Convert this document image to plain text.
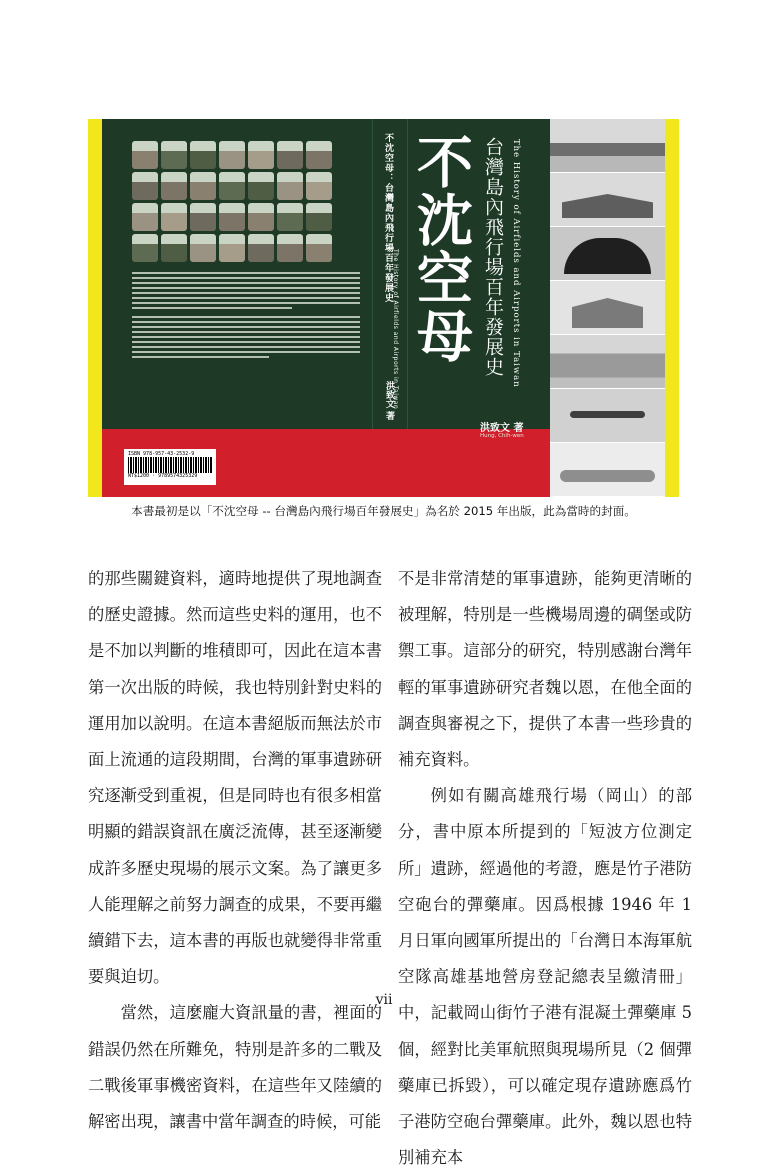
ISBN 978-957-43-2532-9
NT$1200 · 9789574325329
不沈空母：台灣島內飛行場百年發展史
The History of Airfields and Airports in Taiwan
洪致文 著
不沈空母 台灣島內飛行場百年發展史 The History of Airfields and Airports in Taiwan
洪致文 著
Hung, Chih-wen
本書最初是以「不沈空母 -- 台灣島內飛行場百年發展史」為名於 2015 年出版，此為當時的封面。

的那些關鍵資料，適時地提供了現地調查的歷史證據。然而這些史料的運用，也不是不加以判斷的堆積即可，因此在這本書第一次出版的時候，我也特別針對史料的運用加以說明。在這本書絕版而無法於市面上流通的這段期間，台灣的軍事遺跡研究逐漸受到重視，但是同時也有很多相當明顯的錯誤資訊在廣泛流傳，甚至逐漸變成許多歷史現場的展示文案。為了讓更多人能理解之前努力調查的成果，不要再繼續錯下去，這本書的再版也就變得非常重要與迫切。

當然，這麼龐大資訊量的書，裡面的錯誤仍然在所難免，特別是許多的二戰及二戰後軍事機密資料，在這些年又陸續的解密出現，讓書中當年調查的時候，可能

不是非常清楚的軍事遺跡，能夠更清晰的被理解，特別是一些機場周邊的碉堡或防禦工事。這部分的研究，特別感謝台灣年輕的軍事遺跡研究者魏以恩，在他全面的調查與審視之下，提供了本書一些珍貴的補充資料。

例如有關高雄飛行場（岡山）的部分，書中原本所提到的「短波方位測定所」遺跡，經過他的考證，應是竹子港防空砲台的彈藥庫。因爲根據 1946 年 1 月日軍向國軍所提出的「台灣日本海軍航空隊高雄基地營房登記總表呈繳清冊」中，記載岡山街竹子港有混凝土彈藥庫 5 個，經對比美軍航照與現場所見（2 個彈藥庫已拆毀），可以確定現存遺跡應爲竹子港防空砲台彈藥庫。此外，魏以恩也特別補充本

vii
